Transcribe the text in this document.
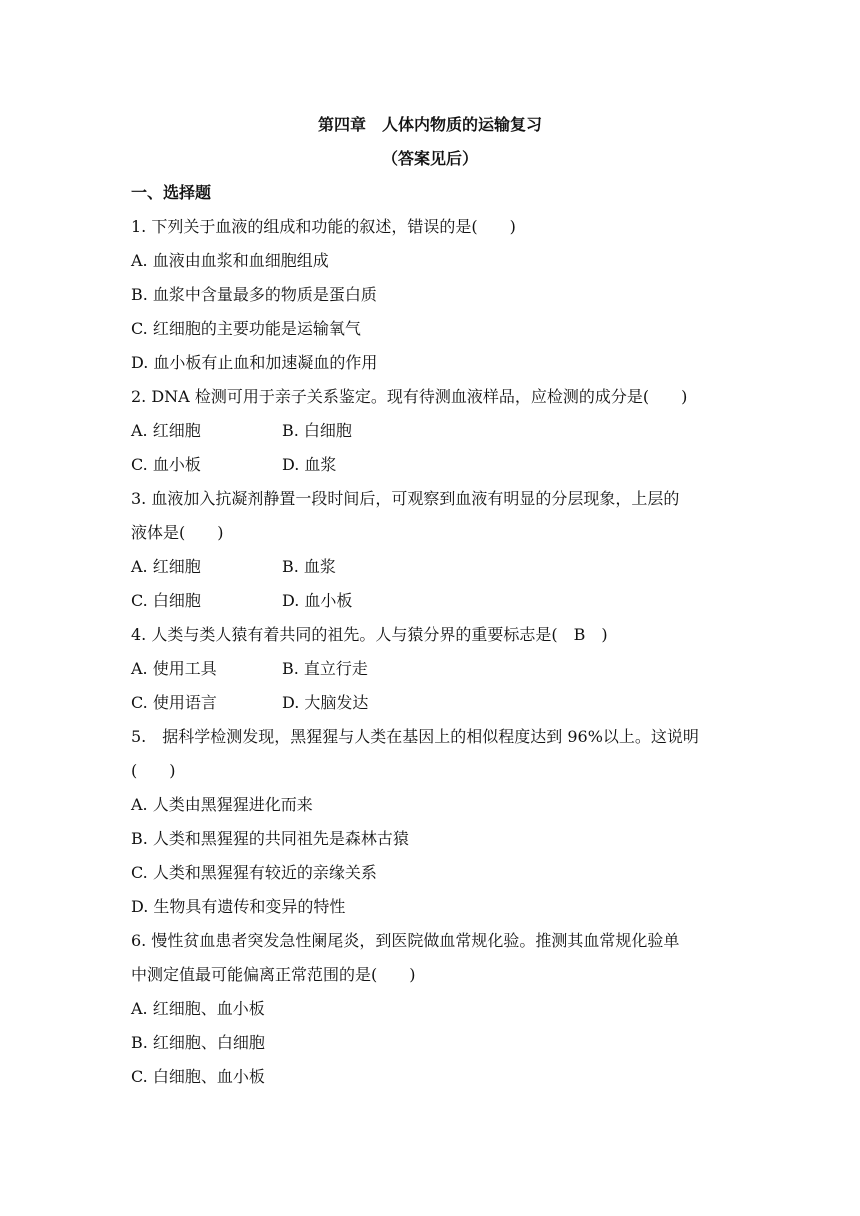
第四章　人体内物质的运输复习
（答案见后）
一、选择题
1. 下列关于血液的组成和功能的叙述，错误的是(　　)
A. 血液由血浆和血细胞组成
B. 血浆中含量最多的物质是蛋白质
C. 红细胞的主要功能是运输氧气
D. 血小板有止血和加速凝血的作用
2. DNA 检测可用于亲子关系鉴定。现有待测血液样品，应检测的成分是(　　)
A. 红细胞	B. 白细胞
C. 血小板	D. 血浆
3. 血液加入抗凝剂静置一段时间后，可观察到血液有明显的分层现象，上层的
液体是(　　)
A. 红细胞	B. 血浆
C. 白细胞	D. 血小板
4. 人类与类人猿有着共同的祖先。人与猿分界的重要标志是(　B　)
A. 使用工具	B. 直立行走
C. 使用语言	D. 大脑发达
5.　据科学检测发现，黑猩猩与人类在基因上的相似程度达到 96%以上。这说明
(　　)
A. 人类由黑猩猩进化而来
B. 人类和黑猩猩的共同祖先是森林古猿
C. 人类和黑猩猩有较近的亲缘关系
D. 生物具有遗传和变异的特性
6. 慢性贫血患者突发急性阑尾炎，到医院做血常规化验。推测其血常规化验单
中测定值最可能偏离正常范围的是(　　)
A. 红细胞、血小板
B. 红细胞、白细胞
C. 白细胞、血小板
